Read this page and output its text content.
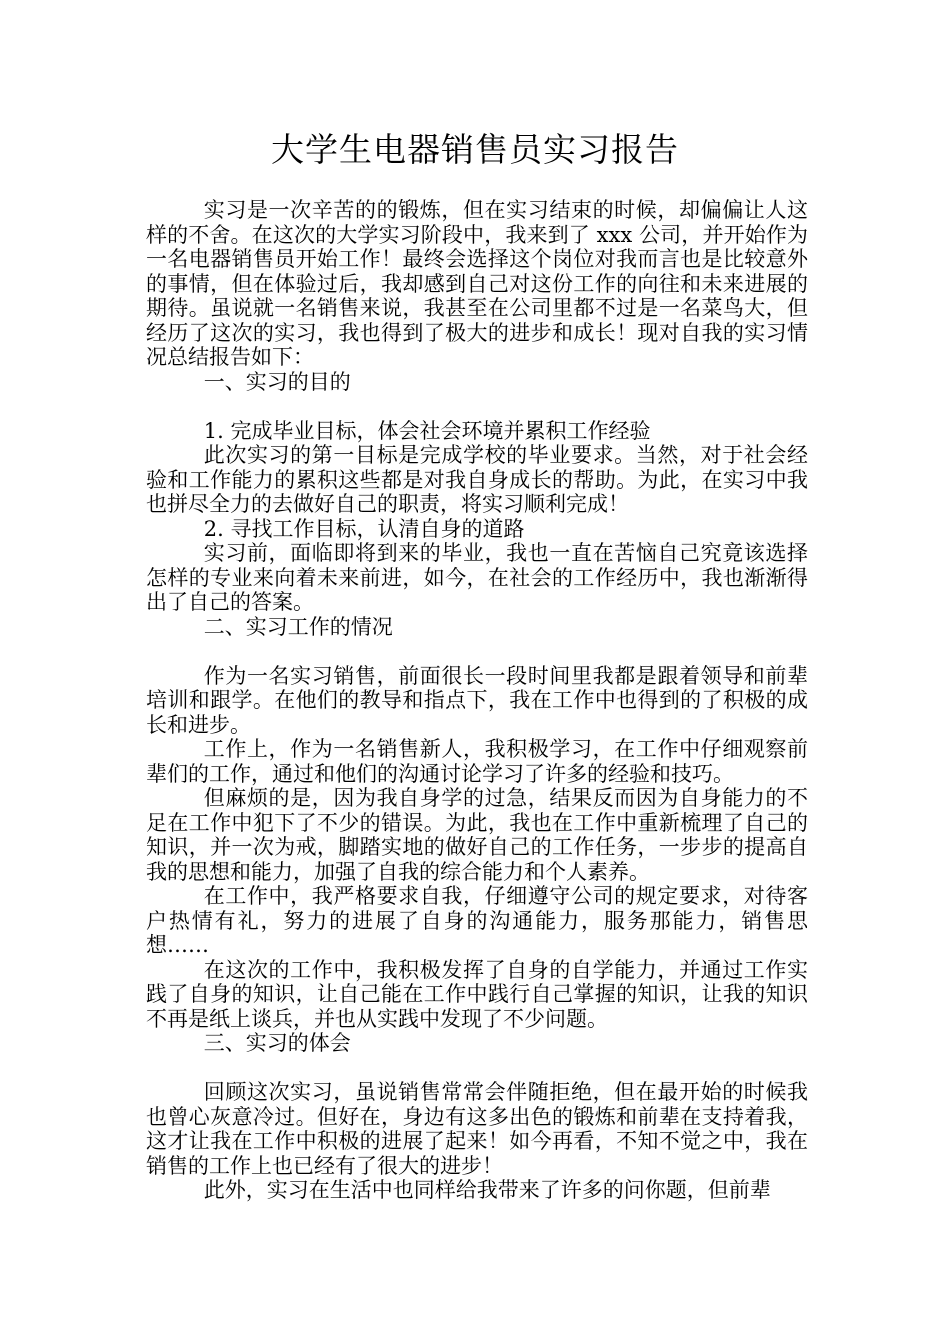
大学生电器销售员实习报告

实习是一次辛苦的的锻炼，但在实习结束的时候，却偏偏让人这样的不舍。在这次的大学实习阶段中，我来到了 xxx 公司，并开始作为一名电器销售员开始工作！最终会选择这个岗位对我而言也是比较意外的事情，但在体验过后，我却感到自己对这份工作的向往和未来进展的期待。虽说就一名销售来说，我甚至在公司里都不过是一名菜鸟大，但经历了这次的实习，我也得到了极大的进步和成长！现对自我的实习情况总结报告如下：

一、实习的目的

1. 完成毕业目标，体会社会环境并累积工作经验

此次实习的第一目标是完成学校的毕业要求。当然，对于社会经验和工作能力的累积这些都是对我自身成长的帮助。为此，在实习中我也拼尽全力的去做好自己的职责，将实习顺利完成！

2. 寻找工作目标，认清自身的道路

实习前，面临即将到来的毕业，我也一直在苦恼自己究竟该选择怎样的专业来向着未来前进，如今，在社会的工作经历中，我也渐渐得出了自己的答案。

二、实习工作的情况

作为一名实习销售，前面很长一段时间里我都是跟着领导和前辈培训和跟学。在他们的教导和指点下，我在工作中也得到的了积极的成长和进步。

工作上，作为一名销售新人，我积极学习，在工作中仔细观察前辈们的工作，通过和他们的沟通讨论学习了许多的经验和技巧。

但麻烦的是，因为我自身学的过急，结果反而因为自身能力的不足在工作中犯下了不少的错误。为此，我也在工作中重新梳理了自己的知识，并一次为戒，脚踏实地的做好自己的工作任务，一步步的提高自我的思想和能力，加强了自我的综合能力和个人素养。

在工作中，我严格要求自我，仔细遵守公司的规定要求，对待客户热情有礼，努力的进展了自身的沟通能力，服务那能力，销售思想……

在这次的工作中，我积极发挥了自身的自学能力，并通过工作实践了自身的知识，让自己能在工作中践行自己掌握的知识，让我的知识不再是纸上谈兵，并也从实践中发现了不少问题。

三、实习的体会

回顾这次实习，虽说销售常常会伴随拒绝，但在最开始的时候我也曾心灰意冷过。但好在，身边有这多出色的锻炼和前辈在支持着我，这才让我在工作中积极的进展了起来！如今再看，不知不觉之中，我在销售的工作上也已经有了很大的进步！

此外，实习在生活中也同样给我带来了许多的问你题，但前辈
